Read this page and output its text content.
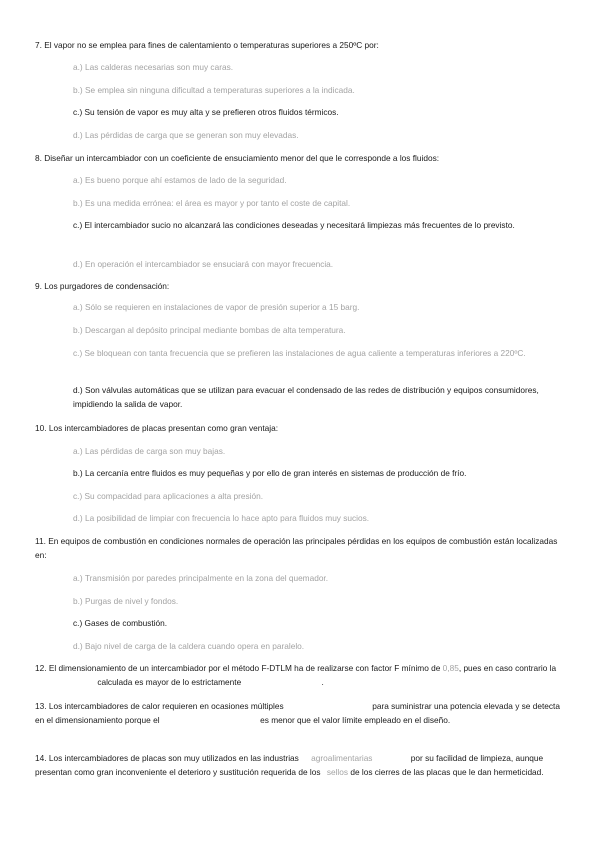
7. El vapor no se emplea para fines de calentamiento o temperaturas superiores a 250ºC por:
a.) Las calderas necesarias son muy caras.
b.) Se emplea sin ninguna dificultad a temperaturas superiores a la indicada.
c.) Su tensión de vapor es muy alta y se prefieren otros fluidos térmicos.
d.) Las pérdidas de carga que se generan son muy elevadas.
8. Diseñar un intercambiador con un coeficiente de ensuciamiento menor del que le corresponde a los fluidos:
a.) Es bueno porque ahí estamos de lado de la seguridad.
b.) Es una medida errónea: el área es mayor y por tanto el coste de capital.
c.) El intercambiador sucio no alcanzará las condiciones deseadas y necesitará limpiezas más frecuentes de lo previsto.
d.) En operación el intercambiador se ensuciará con mayor frecuencia.
9. Los purgadores de condensación:
a.) Sólo se requieren en instalaciones de vapor de presión superior a 15 barg.
b.) Descargan al depósito principal mediante bombas de alta temperatura.
c.) Se bloquean con tanta frecuencia que se prefieren las instalaciones de agua caliente a temperaturas inferiores a 220ºC.
d.) Son válvulas automáticas que se utilizan para evacuar el condensado de las redes de distribución y equipos consumidores, impidiendo la salida de vapor.
10. Los intercambiadores de placas presentan como gran ventaja:
a.) Las pérdidas de carga son muy bajas.
b.) La cercanía entre fluidos es muy pequeñas y por ello de gran interés en sistemas de producción de frío.
c.) Su compacidad para aplicaciones a alta presión.
d.) La posibilidad de limpiar con frecuencia lo hace apto para fluidos muy sucios.
11. En equipos de combustión en condiciones normales de operación las principales pérdidas en los equipos de combustión están localizadas en:
a.) Transmisión por paredes principalmente en la zona del quemador.
b.) Purgas de nivel y fondos.
c.) Gases de combustión.
d.) Bajo nivel de carga de la caldera cuando opera en paralelo.
12. El dimensionamiento de un intercambiador por el método F-DTLM ha de realizarse con factor F mínimo de 0,85, pues en caso contrario la  calculada es mayor de lo estrictamente	.
13. Los intercambiadores de calor requieren en ocasiones múltiples	para suministrar una potencia elevada y se detecta en el dimensionamiento porque el	es menor que el valor límite empleado en el diseño.
14. Los intercambiadores de placas son muy utilizados en las industrias agroalimentarias	por su facilidad de limpieza, aunque presentan como gran inconveniente el deterioro y sustitución requerida de los sellos de los cierres de las placas que le dan hermeticidad.
